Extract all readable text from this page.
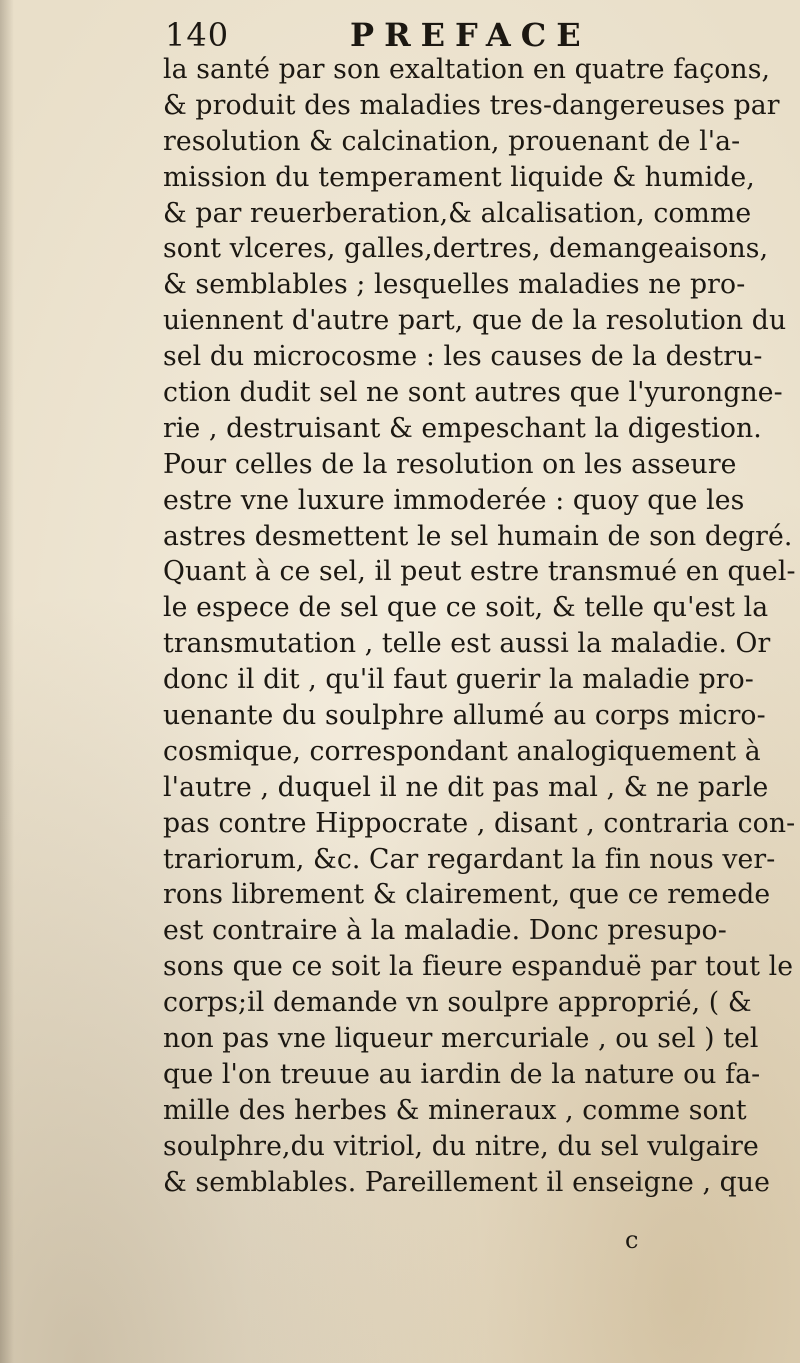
140	PREFACE
la santé par son exaltation en quatre façons,
& produit des maladies tres-dangereuses par
resolution & calcination, prouenant de l'a-
mission du temperament liquide & humide,
& par reuerberation,& alcalisation, comme
sont vlceres, galles,dertres, demangeaisons,
& semblables ; lesquelles maladies ne pro-
uiennent d'autre part, que de la resolution du
sel du microcosme : les causes de la destru-
ction dudit sel ne sont autres que l'yurongne-
rie , destruisant & empeschant la digestion.
Pour celles de la resolution on les asseure
estre vne luxure immoderée : quoy que les
astres desmettent le sel humain de son degré.
Quant à ce sel, il peut estre transmué en quel-
le espece de sel que ce soit, & telle qu'est la
transmutation , telle est aussi la maladie. Or
donc il dit , qu'il faut guerir la maladie pro-
uenante du soulphre allumé au corps micro-
cosmique, correspondant analogiquement à
l'autre , duquel il ne dit pas mal , & ne parle
pas contre Hippocrate , disant , contraria con-
trariorum, &c. Car regardant la fin nous ver-
rons librement & clairement, que ce remede
est contraire à la maladie. Donc presupo-
sons que ce soit la fieure espanduë par tout le
corps;il demande vn soulpre approprié, ( &
non pas vne liqueur mercuriale , ou sel ) tel
que l'on treuue au iardin de la nature ou fa-
mille des herbes & mineraux , comme sont
soulphre,du vitriol, du nitre, du sel vulgaire
& semblables. Pareillement il enseigne , que
c
